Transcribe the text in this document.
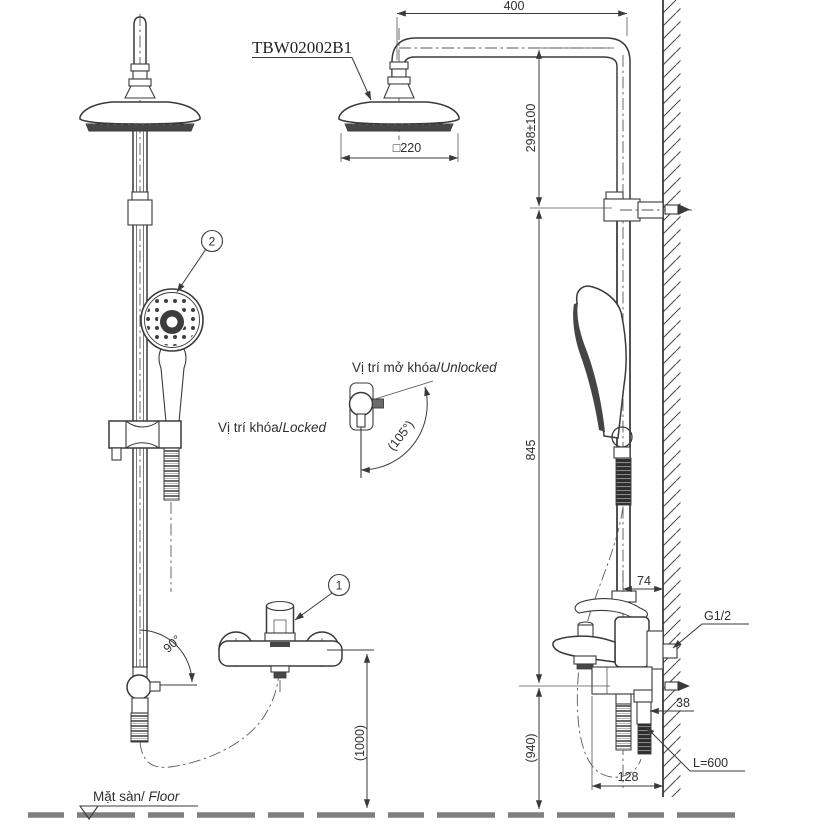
Mặt sàn/ Floor
90°
1
2
(1000)
Vị trí mở khóa/Unlocked
Vị trí khóa/Locked	(105°)
400
□220	298±100
845
74
G1/2
38
L=600
(940)
128
TBW02002B1
